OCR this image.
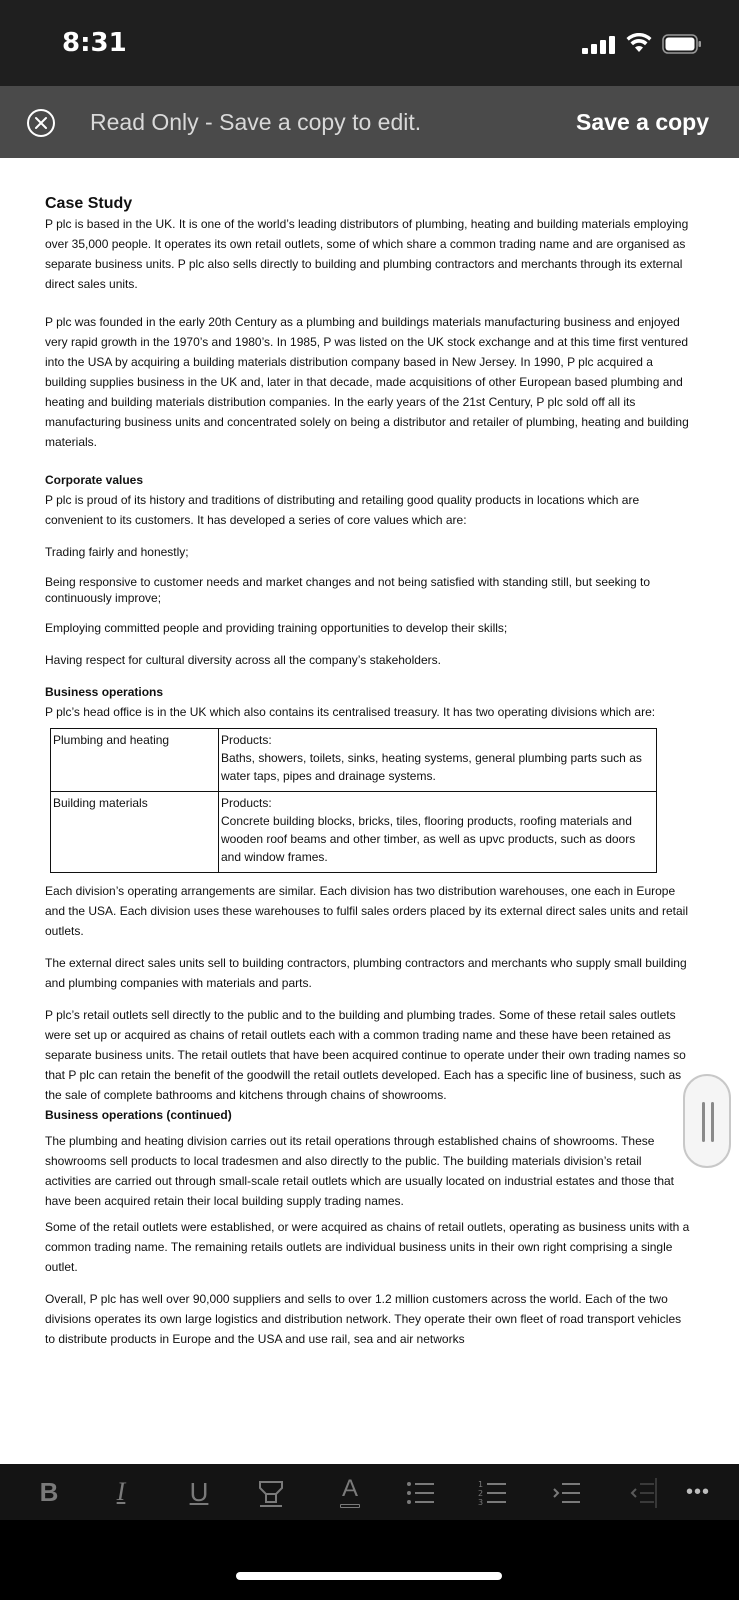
8:31
Read Only - Save a copy to edit.	Save a copy

Case Study

P plc is based in the UK. It is one of the world’s leading distributors of plumbing, heating and building materials employing over 35,000 people. It operates its own retail outlets, some of which share a common trading name and are organised as separate business units. P plc also sells directly to building and plumbing contractors and merchants through its external direct sales units.

P plc was founded in the early 20th Century as a plumbing and buildings materials manufacturing business and enjoyed very rapid growth in the 1970’s and 1980’s. In 1985, P was listed on the UK stock exchange and at this time first ventured into the USA by acquiring a building materials distribution company based in New Jersey. In 1990, P plc acquired a building supplies business in the UK and, later in that decade, made acquisitions of other European based plumbing and heating and building materials distribution companies. In the early years of the 21st Century, P plc sold off all its manufacturing business units and concentrated solely on being a distributor and retailer of plumbing, heating and building materials.

Corporate values

P plc is proud of its history and traditions of distributing and retailing good quality products in locations which are convenient to its customers. It has developed a series of core values which are:

Trading fairly and honestly;

Being responsive to customer needs and market changes and not being satisfied with standing still, but seeking to continuously improve;

Employing committed people and providing training opportunities to develop their skills;

Having respect for cultural diversity across all the company’s stakeholders.

Business operations

P plc’s head office is in the UK which also contains its centralised treasury. It has two operating divisions which are:

Plumbing and heating	Products:
Baths, showers, toilets, sinks, heating systems, general plumbing parts such as water taps, pipes and drainage systems.

Building materials	Products:
Concrete building blocks, bricks, tiles, flooring products, roofing materials and wooden roof beams and other timber, as well as upvc products, such as doors and window frames.

Each division’s operating arrangements are similar. Each division has two distribution warehouses, one each in Europe and the USA. Each division uses these warehouses to fulfil sales orders placed by its external direct sales units and retail outlets.

The external direct sales units sell to building contractors, plumbing contractors and merchants who supply small building and plumbing companies with materials and parts.

P plc’s retail outlets sell directly to the public and to the building and plumbing trades. Some of these retail sales outlets were set up or acquired as chains of retail outlets each with a common trading name and these have been retained as separate business units. The retail outlets that have been acquired continue to operate under their own trading names so that P plc can retain the benefit of the goodwill the retail outlets developed. Each has a specific line of business, such as the sale of complete bathrooms and kitchens through chains of showrooms.

Business operations (continued)

The plumbing and heating division carries out its retail operations through established chains of showrooms. These showrooms sell products to local tradesmen and also directly to the public. The building materials division’s retail activities are carried out through small-scale retail outlets which are usually located on industrial estates and those that have been acquired retain their local building supply trading names.

Some of the retail outlets were established, or were acquired as chains of retail outlets, operating as business units with a common trading name. The remaining retails outlets are individual business units in their own right comprising a single outlet.

Overall, P plc has well over 90,000 suppliers and sells to over 1.2 million customers across the world. Each of the two divisions operates its own large logistics and distribution network. They operate their own fleet of road transport vehicles to distribute products in Europe and the USA and use rail, sea and air networks

B	I	U	A	1
2
3	•••
